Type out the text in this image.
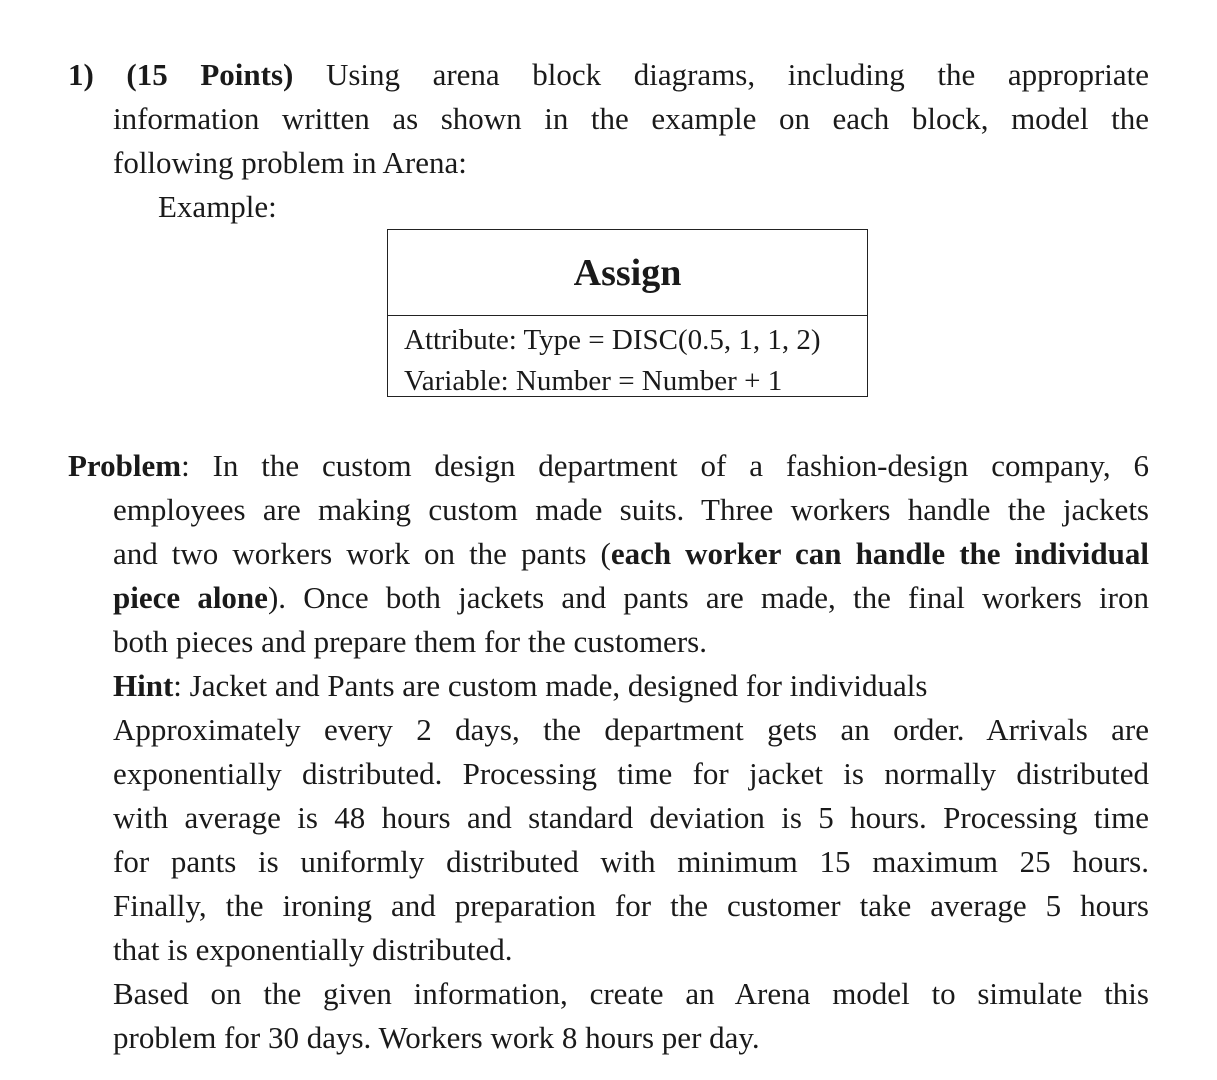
1) (15 Points) Using arena block diagrams, including the appropriate
information written as shown in the example on each block, model the
following problem in Arena:
Example:
Assign
Attribute: Type = DISC(0.5, 1, 1, 2)
Variable: Number = Number + 1
Problem: In the custom design department of a fashion-design company, 6
employees are making custom made suits. Three workers handle the jackets
and two workers work on the pants (each worker can handle the individual
piece alone). Once both jackets and pants are made, the final workers iron
both pieces and prepare them for the customers.
Hint: Jacket and Pants are custom made, designed for individuals
Approximately every 2 days, the department gets an order. Arrivals are
exponentially distributed. Processing time for jacket is normally distributed
with average is 48 hours and standard deviation is 5 hours. Processing time
for pants is uniformly distributed with minimum 15 maximum 25 hours.
Finally, the ironing and preparation for the customer take average 5 hours
that is exponentially distributed.
Based on the given information, create an Arena model to simulate this
problem for 30 days. Workers work 8 hours per day.
